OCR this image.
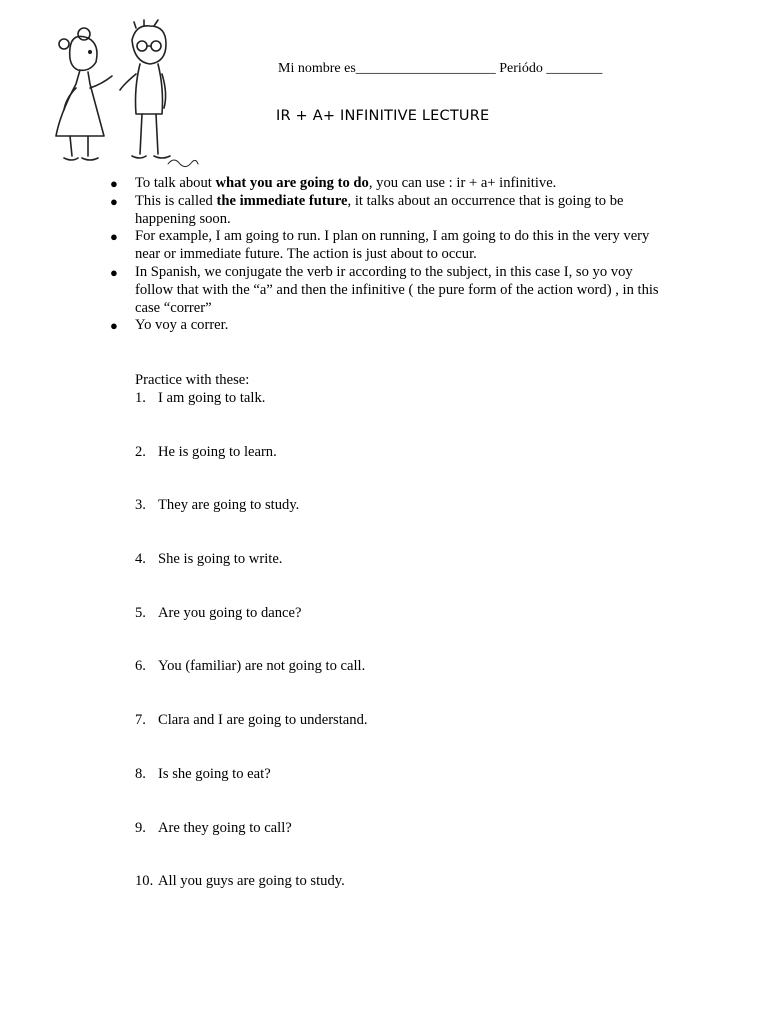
Mi nombre es____________________ Periódo ________
IR + A+ INFINITIVE LECTURE
● To talk about what you are going to do, you can use : ir + a+ infinitive.
● This is called the immediate future, it talks about an occurrence that is going to be happening soon.
● For example, I am going to run. I plan on running, I am going to do this in the very very near or immediate future. The action is just about to occur.
● In Spanish, we conjugate the verb ir according to the subject, in this case I, so yo voy follow that with the “a” and then the infinitive ( the pure form of the action word) , in this case “correr”
● Yo voy a correr.
Practice with these:
1. I am going to talk.
2. He is going to learn.
3. They are going to study.
4. She is going to write.
5. Are you going to dance?
6. You (familiar) are not going to call.
7. Clara and I are going to understand.
8. Is she going to eat?
9. Are they going to call?
10. All you guys are going to study.
